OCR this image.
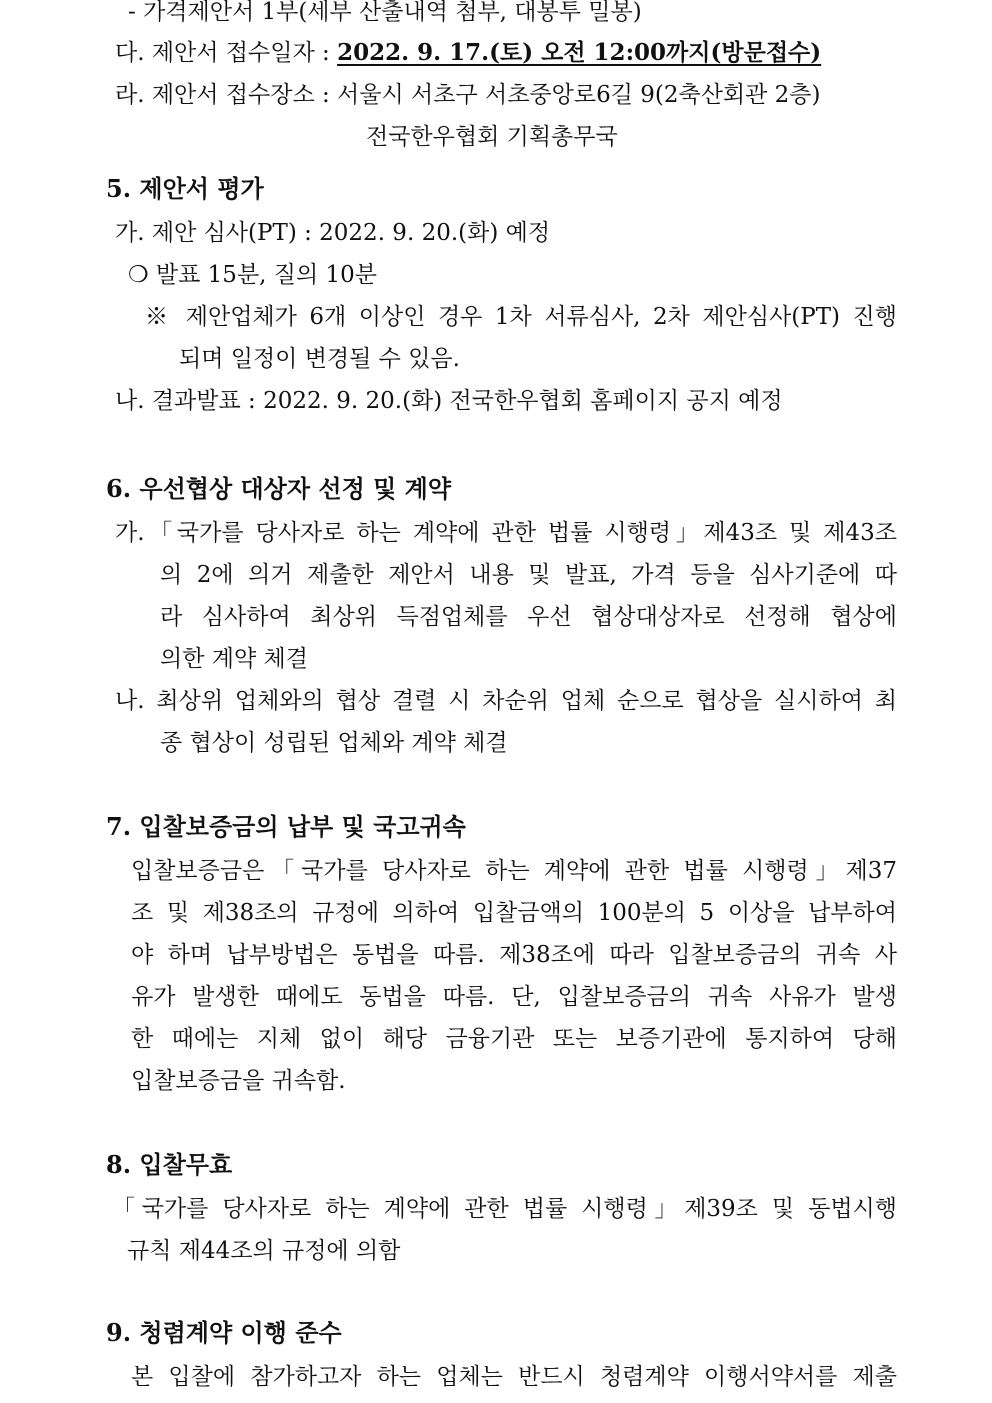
- 가격제안서 1부(세부 산출내역 첨부, 대봉투 밀봉)
다. 제안서 접수일자 : 2022. 9. 17.(토) 오전 12:00까지(방문접수)
라. 제안서 접수장소 : 서울시 서초구 서초중앙로6길 9(2축산회관 2층)
전국한우협회 기획총무국
5. 제안서 평가
가. 제안 심사(PT) : 2022. 9. 20.(화) 예정
❍ 발표 15분, 질의 10분
※ 제안업체가 6개 이상인 경우 1차 서류심사, 2차 제안심사(PT) 진행
되며 일정이 변경될 수 있음.
나. 결과발표 : 2022. 9. 20.(화) 전국한우협회 홈페이지 공지 예정
6. 우선협상 대상자 선정 및 계약
가.「국가를 당사자로 하는 계약에 관한 법률 시행령」제43조 및 제43조
의 2에 의거 제출한 제안서 내용 및 발표, 가격 등을 심사기준에 따
라 심사하여 최상위 득점업체를 우선 협상대상자로 선정해 협상에
의한 계약 체결
나. 최상위 업체와의 협상 결렬 시 차순위 업체 순으로 협상을 실시하여 최
종 협상이 성립된 업체와 계약 체결
7. 입찰보증금의 납부 및 국고귀속
입찰보증금은「국가를 당사자로 하는 계약에 관한 법률 시행령」제37
조 및 제38조의 규정에 의하여 입찰금액의 100분의 5 이상을 납부하여
야 하며 납부방법은 동법을 따름. 제38조에 따라 입찰보증금의 귀속 사
유가 발생한 때에도 동법을 따름. 단, 입찰보증금의 귀속 사유가 발생
한 때에는 지체 없이 해당 금융기관 또는 보증기관에 통지하여 당해
입찰보증금을 귀속함.
8. 입찰무효
「국가를 당사자로 하는 계약에 관한 법률 시행령」제39조 및 동법시행
규칙 제44조의 규정에 의함
9. 청렴계약 이행 준수
본 입찰에 참가하고자 하는 업체는 반드시 청렴계약 이행서약서를 제출
